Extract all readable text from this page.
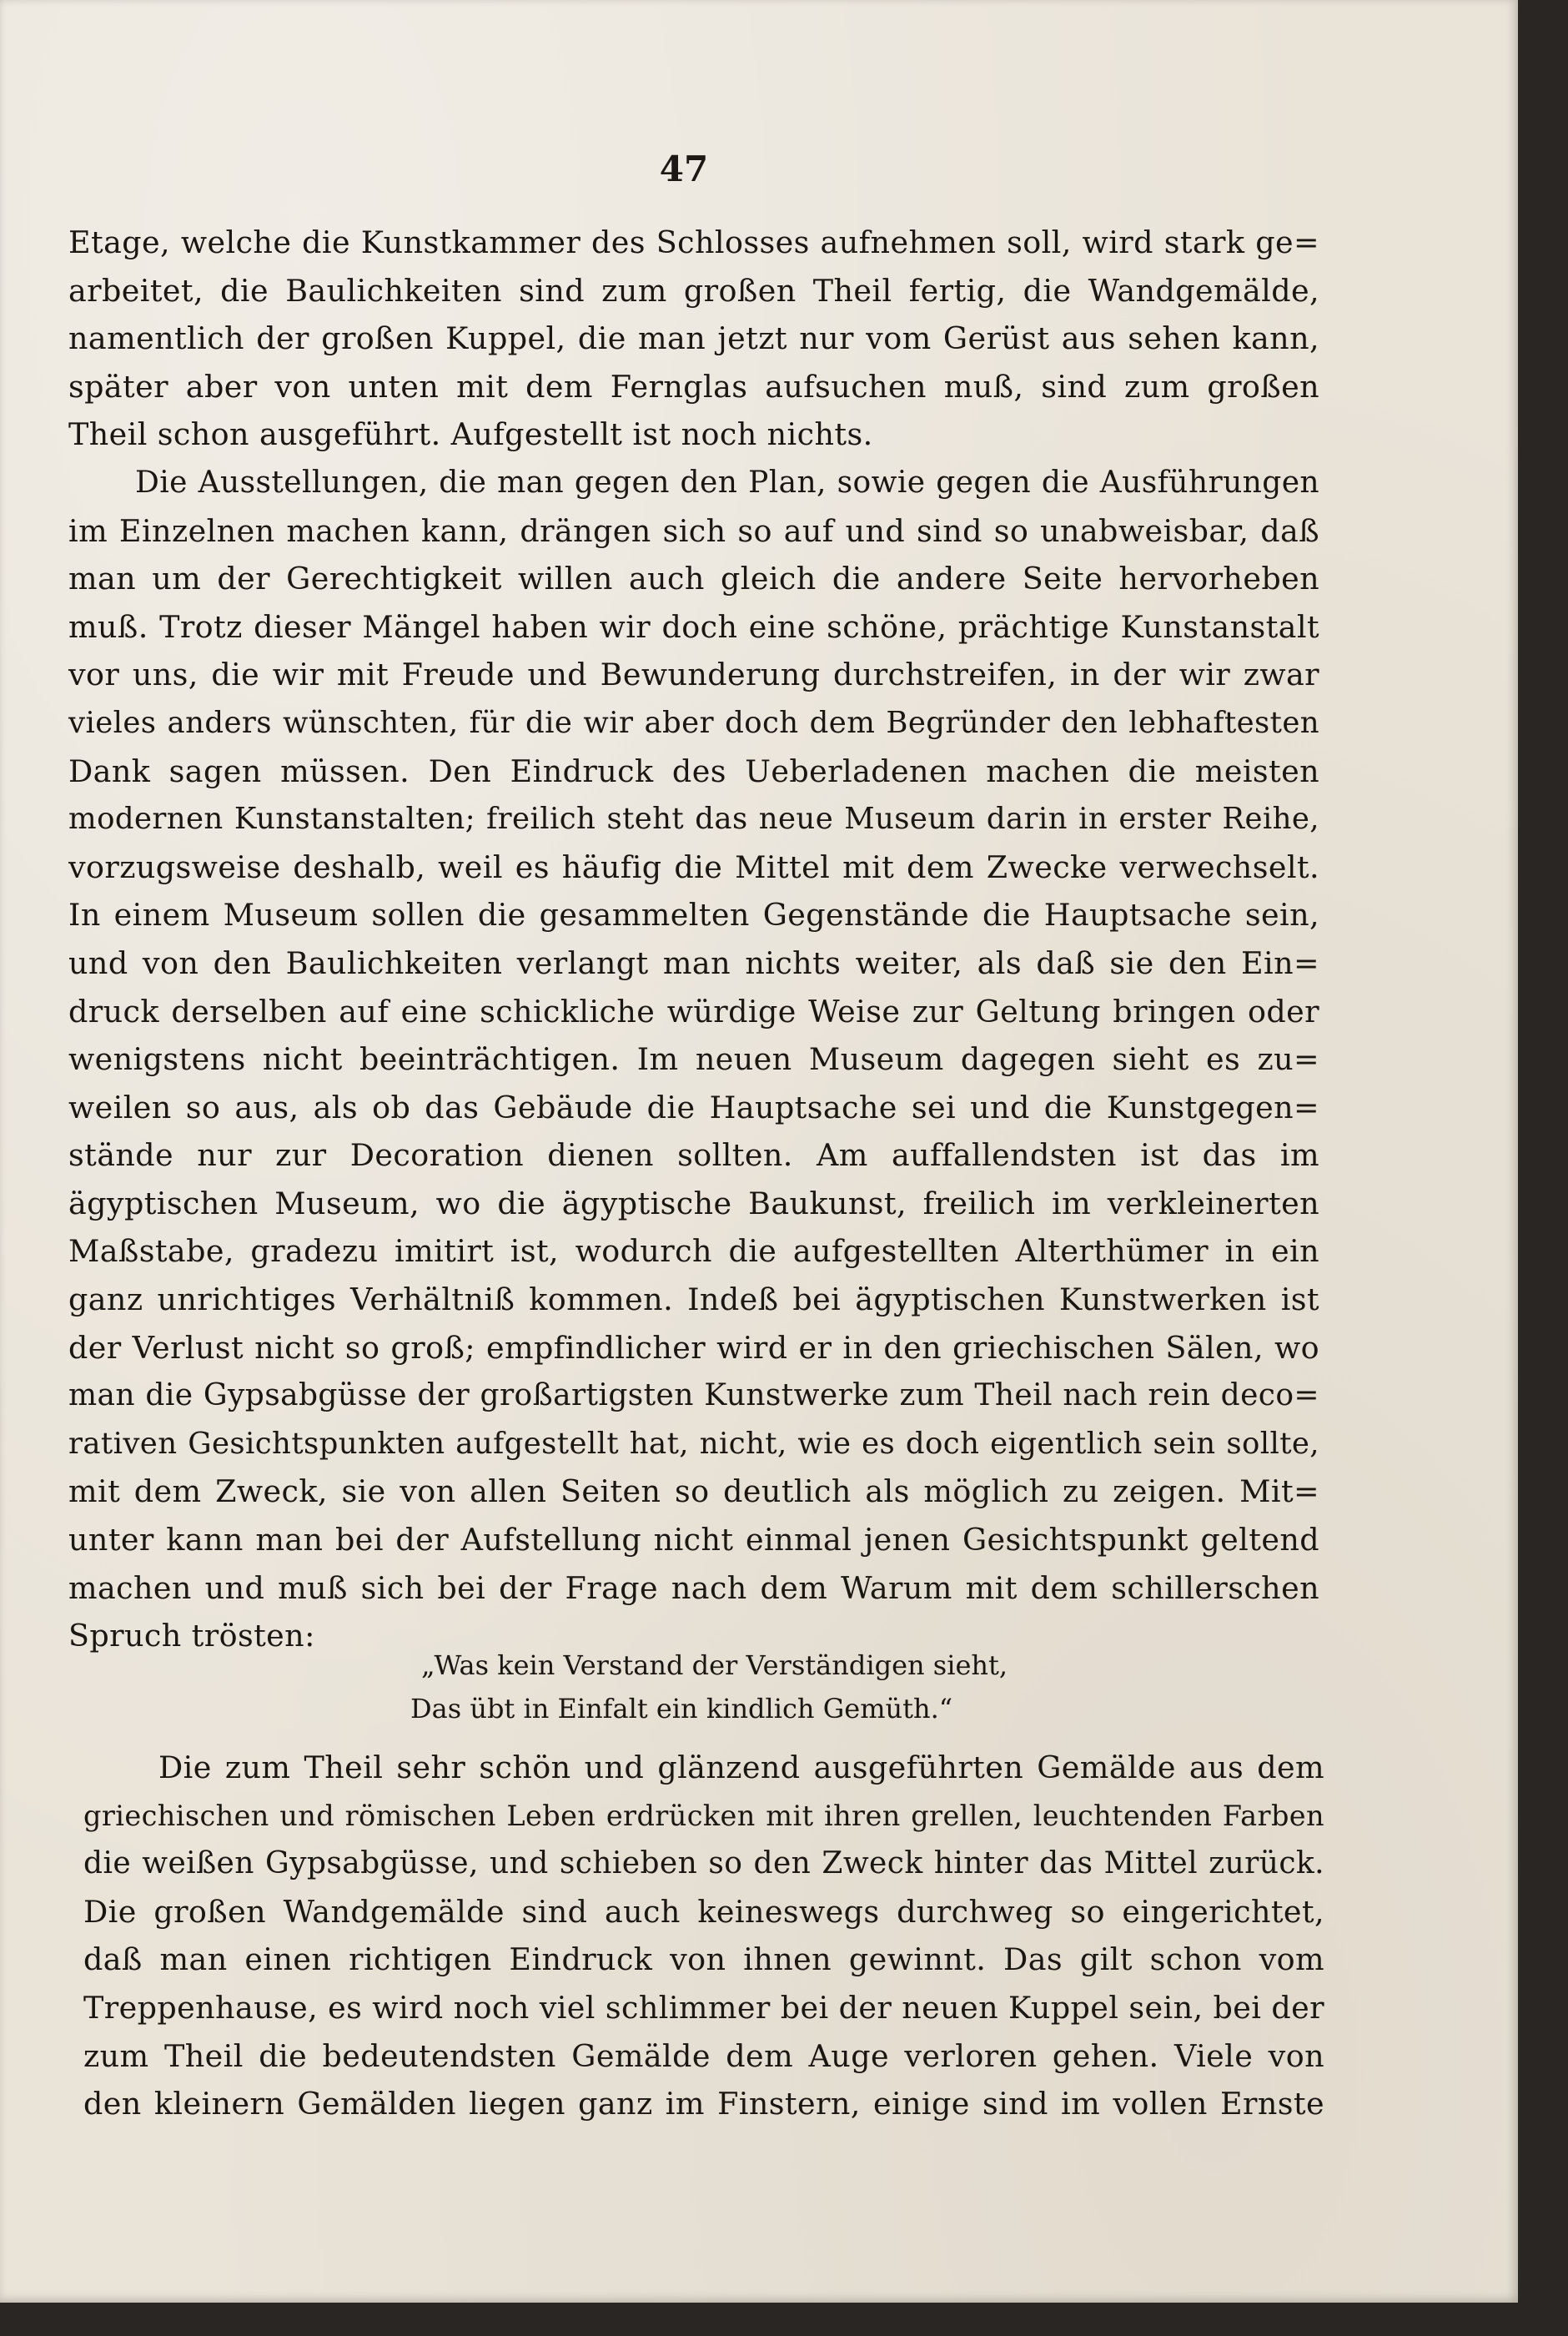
47
Etage, welche die Kunstkammer des Schlosses aufnehmen soll, wird stark ge=
arbeitet, die Baulichkeiten sind zum großen Theil fertig, die Wandgemälde,
namentlich der großen Kuppel, die man jetzt nur vom Gerüst aus sehen kann,
später aber von unten mit dem Fernglas aufsuchen muß, sind zum großen
Theil schon ausgeführt. Aufgestellt ist noch nichts.
Die Ausstellungen, die man gegen den Plan, sowie gegen die Ausführungen
im Einzelnen machen kann, drängen sich so auf und sind so unabweisbar, daß
man um der Gerechtigkeit willen auch gleich die andere Seite hervorheben
muß. Trotz dieser Mängel haben wir doch eine schöne, prächtige Kunstanstalt
vor uns, die wir mit Freude und Bewunderung durchstreifen, in der wir zwar
vieles anders wünschten, für die wir aber doch dem Begründer den lebhaftesten
Dank sagen müssen. Den Eindruck des Ueberladenen machen die meisten
modernen Kunstanstalten; freilich steht das neue Museum darin in erster Reihe,
vorzugsweise deshalb, weil es häufig die Mittel mit dem Zwecke verwechselt.
In einem Museum sollen die gesammelten Gegenstände die Hauptsache sein,
und von den Baulichkeiten verlangt man nichts weiter, als daß sie den Ein=
druck derselben auf eine schickliche würdige Weise zur Geltung bringen oder
wenigstens nicht beeinträchtigen. Im neuen Museum dagegen sieht es zu=
weilen so aus, als ob das Gebäude die Hauptsache sei und die Kunstgegen=
stände nur zur Decoration dienen sollten. Am auffallendsten ist das im
ägyptischen Museum, wo die ägyptische Baukunst, freilich im verkleinerten
Maßstabe, gradezu imitirt ist, wodurch die aufgestellten Alterthümer in ein
ganz unrichtiges Verhältniß kommen. Indeß bei ägyptischen Kunstwerken ist
der Verlust nicht so groß; empfindlicher wird er in den griechischen Sälen, wo
man die Gypsabgüsse der großartigsten Kunstwerke zum Theil nach rein deco=
rativen Gesichtspunkten aufgestellt hat, nicht, wie es doch eigentlich sein sollte,
mit dem Zweck, sie von allen Seiten so deutlich als möglich zu zeigen. Mit=
unter kann man bei der Aufstellung nicht einmal jenen Gesichtspunkt geltend
machen und muß sich bei der Frage nach dem Warum mit dem schillerschen
Spruch trösten:
„Was kein Verstand der Verständigen sieht,
Das übt in Einfalt ein kindlich Gemüth.“
Die zum Theil sehr schön und glänzend ausgeführten Gemälde aus dem
griechischen und römischen Leben erdrücken mit ihren grellen, leuchtenden Farben
die weißen Gypsabgüsse, und schieben so den Zweck hinter das Mittel zurück.
Die großen Wandgemälde sind auch keineswegs durchweg so eingerichtet,
daß man einen richtigen Eindruck von ihnen gewinnt. Das gilt schon vom
Treppenhause, es wird noch viel schlimmer bei der neuen Kuppel sein, bei der
zum Theil die bedeutendsten Gemälde dem Auge verloren gehen. Viele von
den kleinern Gemälden liegen ganz im Finstern, einige sind im vollen Ernste
